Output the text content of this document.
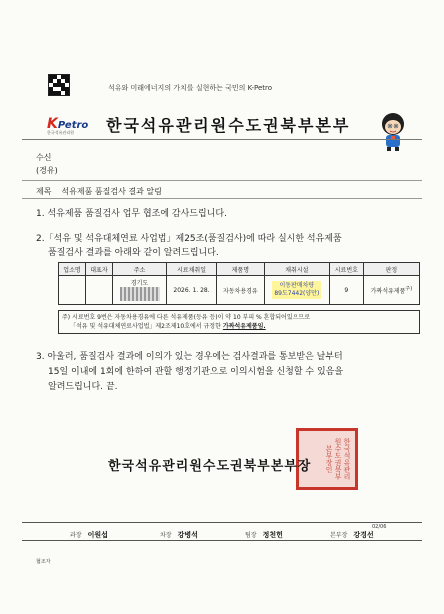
석유와 미래에너지의 가치를 실현하는 국민의 K-Petro
KPetro
한국석유관리원	한국석유관리원수도권북부본부
수신
(경유)
제목 석유제품 품질검사 결과 알림
1. 석유제품 품질검사 업무 협조에 감사드립니다.
2.「석유 및 석유대체연료 사업법」제25조(품질검사)에 따라 실시한 석유제품
품질검사 결과를 아래와 같이 알려드립니다.
업소명	대표자	주소	시료채취일	제품명	채취시설	시료번호	판정
		경기도	2026. 1. 28.	자동차용경유	이동판매차량
89도7442(양만)	9	가짜석유제품$^{주)}$
주) 시료번호 9번은 자동차용경유에 다른 석유제품(등유 등)이 약 10 부피 % 혼합되어있으므로
「석유 및 석유대체연료사업법」제2조제10호에서 규정한 가짜석유제품임.
3. 아울러, 품질검사 결과에 이의가 있는 경우에는 검사결과를 통보받은 날부터
15일 이내에 1회에 한하여 관할 행정기관으로 이의시험을 신청할 수 있음을
알려드립니다. 끝.
한국석유관리원수도권북부본부장인
한국석유관리원수도권북부본부장
02/06
과장 이원섭	차장 강병석	팀장 정천헌	본부장 강경선
협조자
